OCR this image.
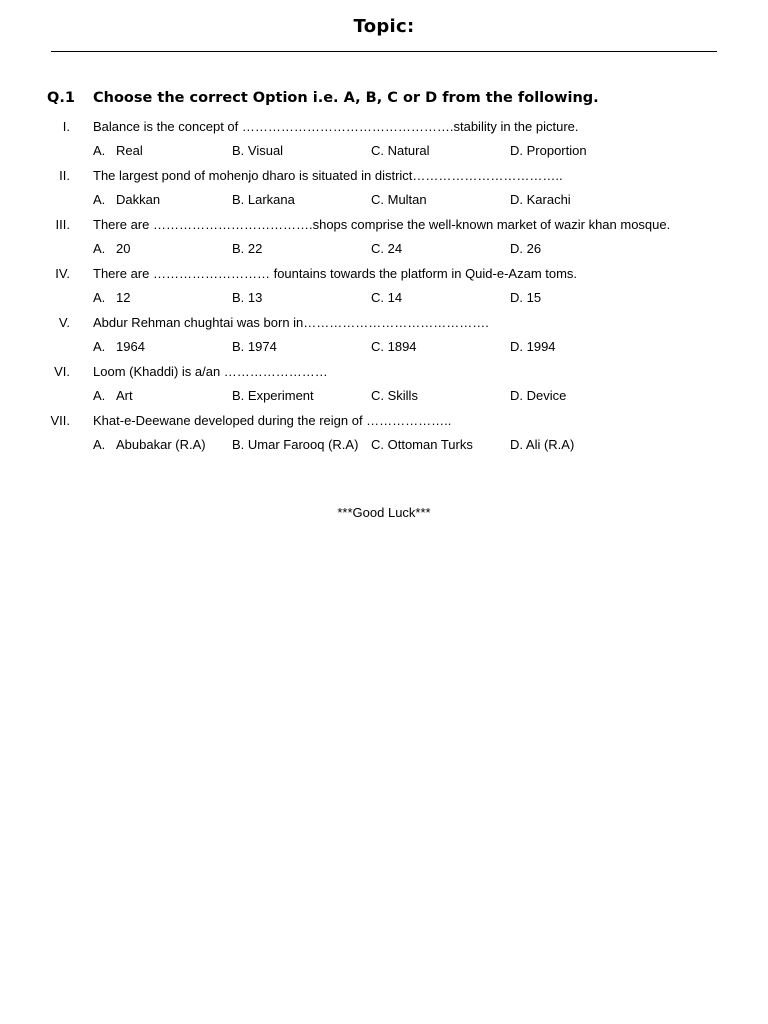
Topic:
Q.1 Choose the correct Option i.e. A, B, C or D from the following.
I. Balance is the concept of ………………………………………….stability in the picture.
A. Real	B. Visual	C. Natural	D. Proportion
II. The largest pond of mohenjo dharo is situated in district……………………………..
A. Dakkan	B. Larkana	C. Multan	D. Karachi
III. There are ……………………………….shops comprise the well-known market of wazir khan mosque.
A. 20	B. 22	C. 24	D. 26
IV. There are ……………………… fountains towards the platform in Quid-e-Azam toms.
A. 12	B. 13	C. 14	D. 15
V. Abdur Rehman chughtai was born in…………………………………….
A. 1964	B. 1974	C. 1894	D. 1994
VI. Loom (Khaddi) is a/an ……………………
A. Art	B. Experiment	C. Skills	D. Device
VII. Khat-e-Deewane developed during the reign of ………………..
A. Abubakar (R.A) B. Umar Farooq (R.A) C. Ottoman Turks	D. Ali (R.A)
***Good Luck***
